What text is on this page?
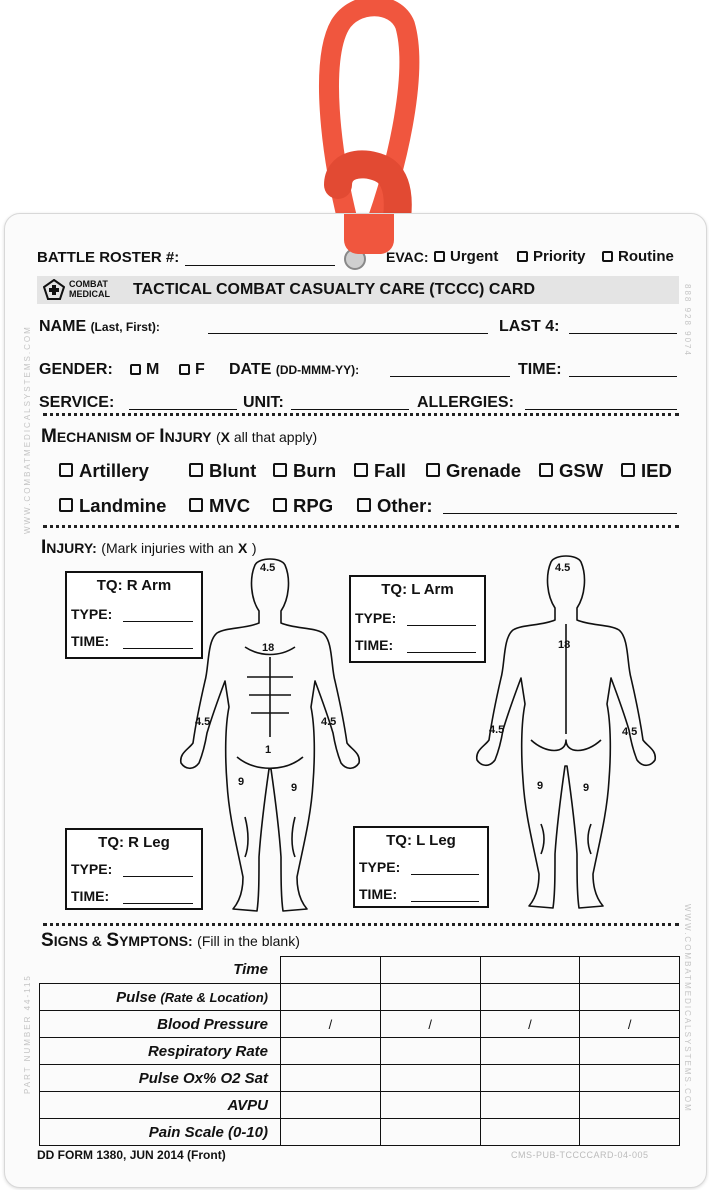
WWW.COMBATMEDICALSYSTEMS.COM
PART NUMBER 44-115
888 928 9074
WWW.COMBATMEDICALSYSTEMS.COM
BATTLE ROSTER #:	EVAC:	Urgent	Priority	Routine
COMBAT
MEDICAL TACTICAL COMBAT CASUALTY CARE (TCCC) CARD
NAME (Last, First):	LAST 4:
GENDER:	M	F DATE (DD-MMM-YY):	TIME:
SERVICE:	UNIT:	ALLERGIES:
MECHANISM OF INJURY (X all that apply)
Artillery	Blunt	Burn	Fall	Grenade	GSW	IED
Landmine	MVC	RPG	Other:
INJURY: (Mark injuries with an X )
4.5
18
4.5	4.5
1
9	9
4.5
18
4.5	4.5
9	9
TQ: R Arm
TYPE:
TIME:
TQ: L Arm
TYPE:
TIME:
TQ: R Leg
TYPE:
TIME:
TQ: L Leg
TYPE:
TIME:
SIGNS & SYMPTONS: (Fill in the blank)
Time				
Pulse (Rate & Location)				
Blood Pressure	/	/	/	/
Respiratory Rate				
Pulse Ox% O2 Sat				
AVPU				
Pain Scale (0-10)				
DD FORM 1380, JUN 2014 (Front)	CMS-PUB-TCCCCARD-04-005
